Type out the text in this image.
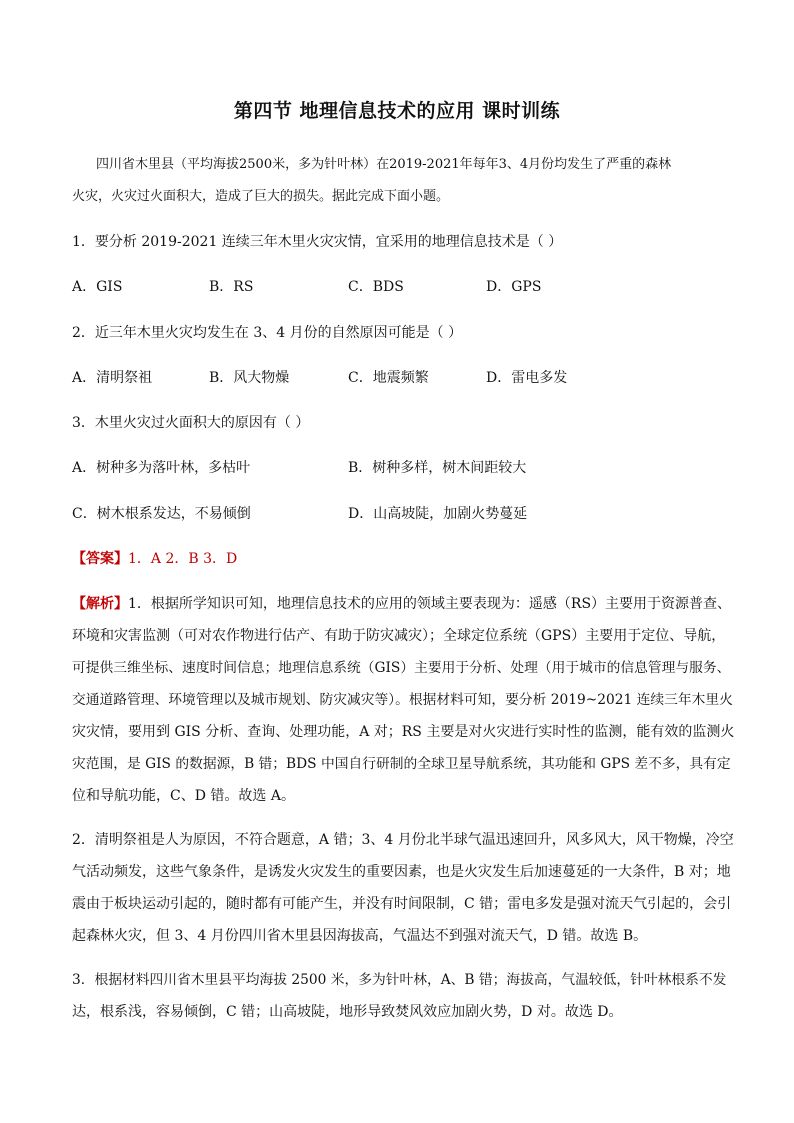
第四节 地理信息技术的应用 课时训练
四川省木里县（平均海拔2500米，多为针叶林）在2019-2021年每年3、4月份均发生了严重的森林
火灾，火灾过火面积大，造成了巨大的损失。据此完成下面小题。
1．要分析 2019-2021 连续三年木里火灾灾情，宜采用的地理信息技术是（ ）
A．GIS	B．RS	C．BDS	D．GPS
2．近三年木里火灾均发生在 3、4 月份的自然原因可能是（ ）
A．清明祭祖	B．风大物燥	C．地震频繁	D．雷电多发
3．木里火灾过火面积大的原因有（ ）
A．树种多为落叶林，多枯叶	B．树种多样，树木间距较大
C．树木根系发达，不易倾倒	D．山高坡陡，加剧火势蔓延
【答案】1．A 2．B 3．D
【解析】1．根据所学知识可知，地理信息技术的应用的领域主要表现为：遥感（RS）主要用于资源普查、
环境和灾害监测（可对农作物进行估产、有助于防灾减灾）；全球定位系统（GPS）主要用于定位、导航，
可提供三维坐标、速度时间信息；地理信息系统（GIS）主要用于分析、处理（用于城市的信息管理与服务、
交通道路管理、环境管理以及城市规划、防灾减灾等）。根据材料可知，要分析 2019~2021 连续三年木里火
灾灾情，要用到 GIS 分析、查询、处理功能，A 对；RS 主要是对火灾进行实时性的监测，能有效的监测火
灾范围，是 GIS 的数据源，B 错；BDS 中国自行研制的全球卫星导航系统，其功能和 GPS 差不多，具有定
位和导航功能，C、D 错。故选 A。
2．清明祭祖是人为原因，不符合题意，A 错；3、4 月份北半球气温迅速回升，风多风大，风干物燥，冷空
气活动频发，这些气象条件，是诱发火灾发生的重要因素，也是火灾发生后加速蔓延的一大条件，B 对；地
震由于板块运动引起的，随时都有可能产生，并没有时间限制，C 错；雷电多发是强对流天气引起的，会引
起森林火灾，但 3、4 月份四川省木里县因海拔高，气温达不到强对流天气，D 错。故选 B。
3．根据材料四川省木里县平均海拔 2500 米，多为针叶林，A、B 错；海拔高，气温较低，针叶林根系不发
达，根系浅，容易倾倒，C 错；山高坡陡，地形导致焚风效应加剧火势，D 对。故选 D。
